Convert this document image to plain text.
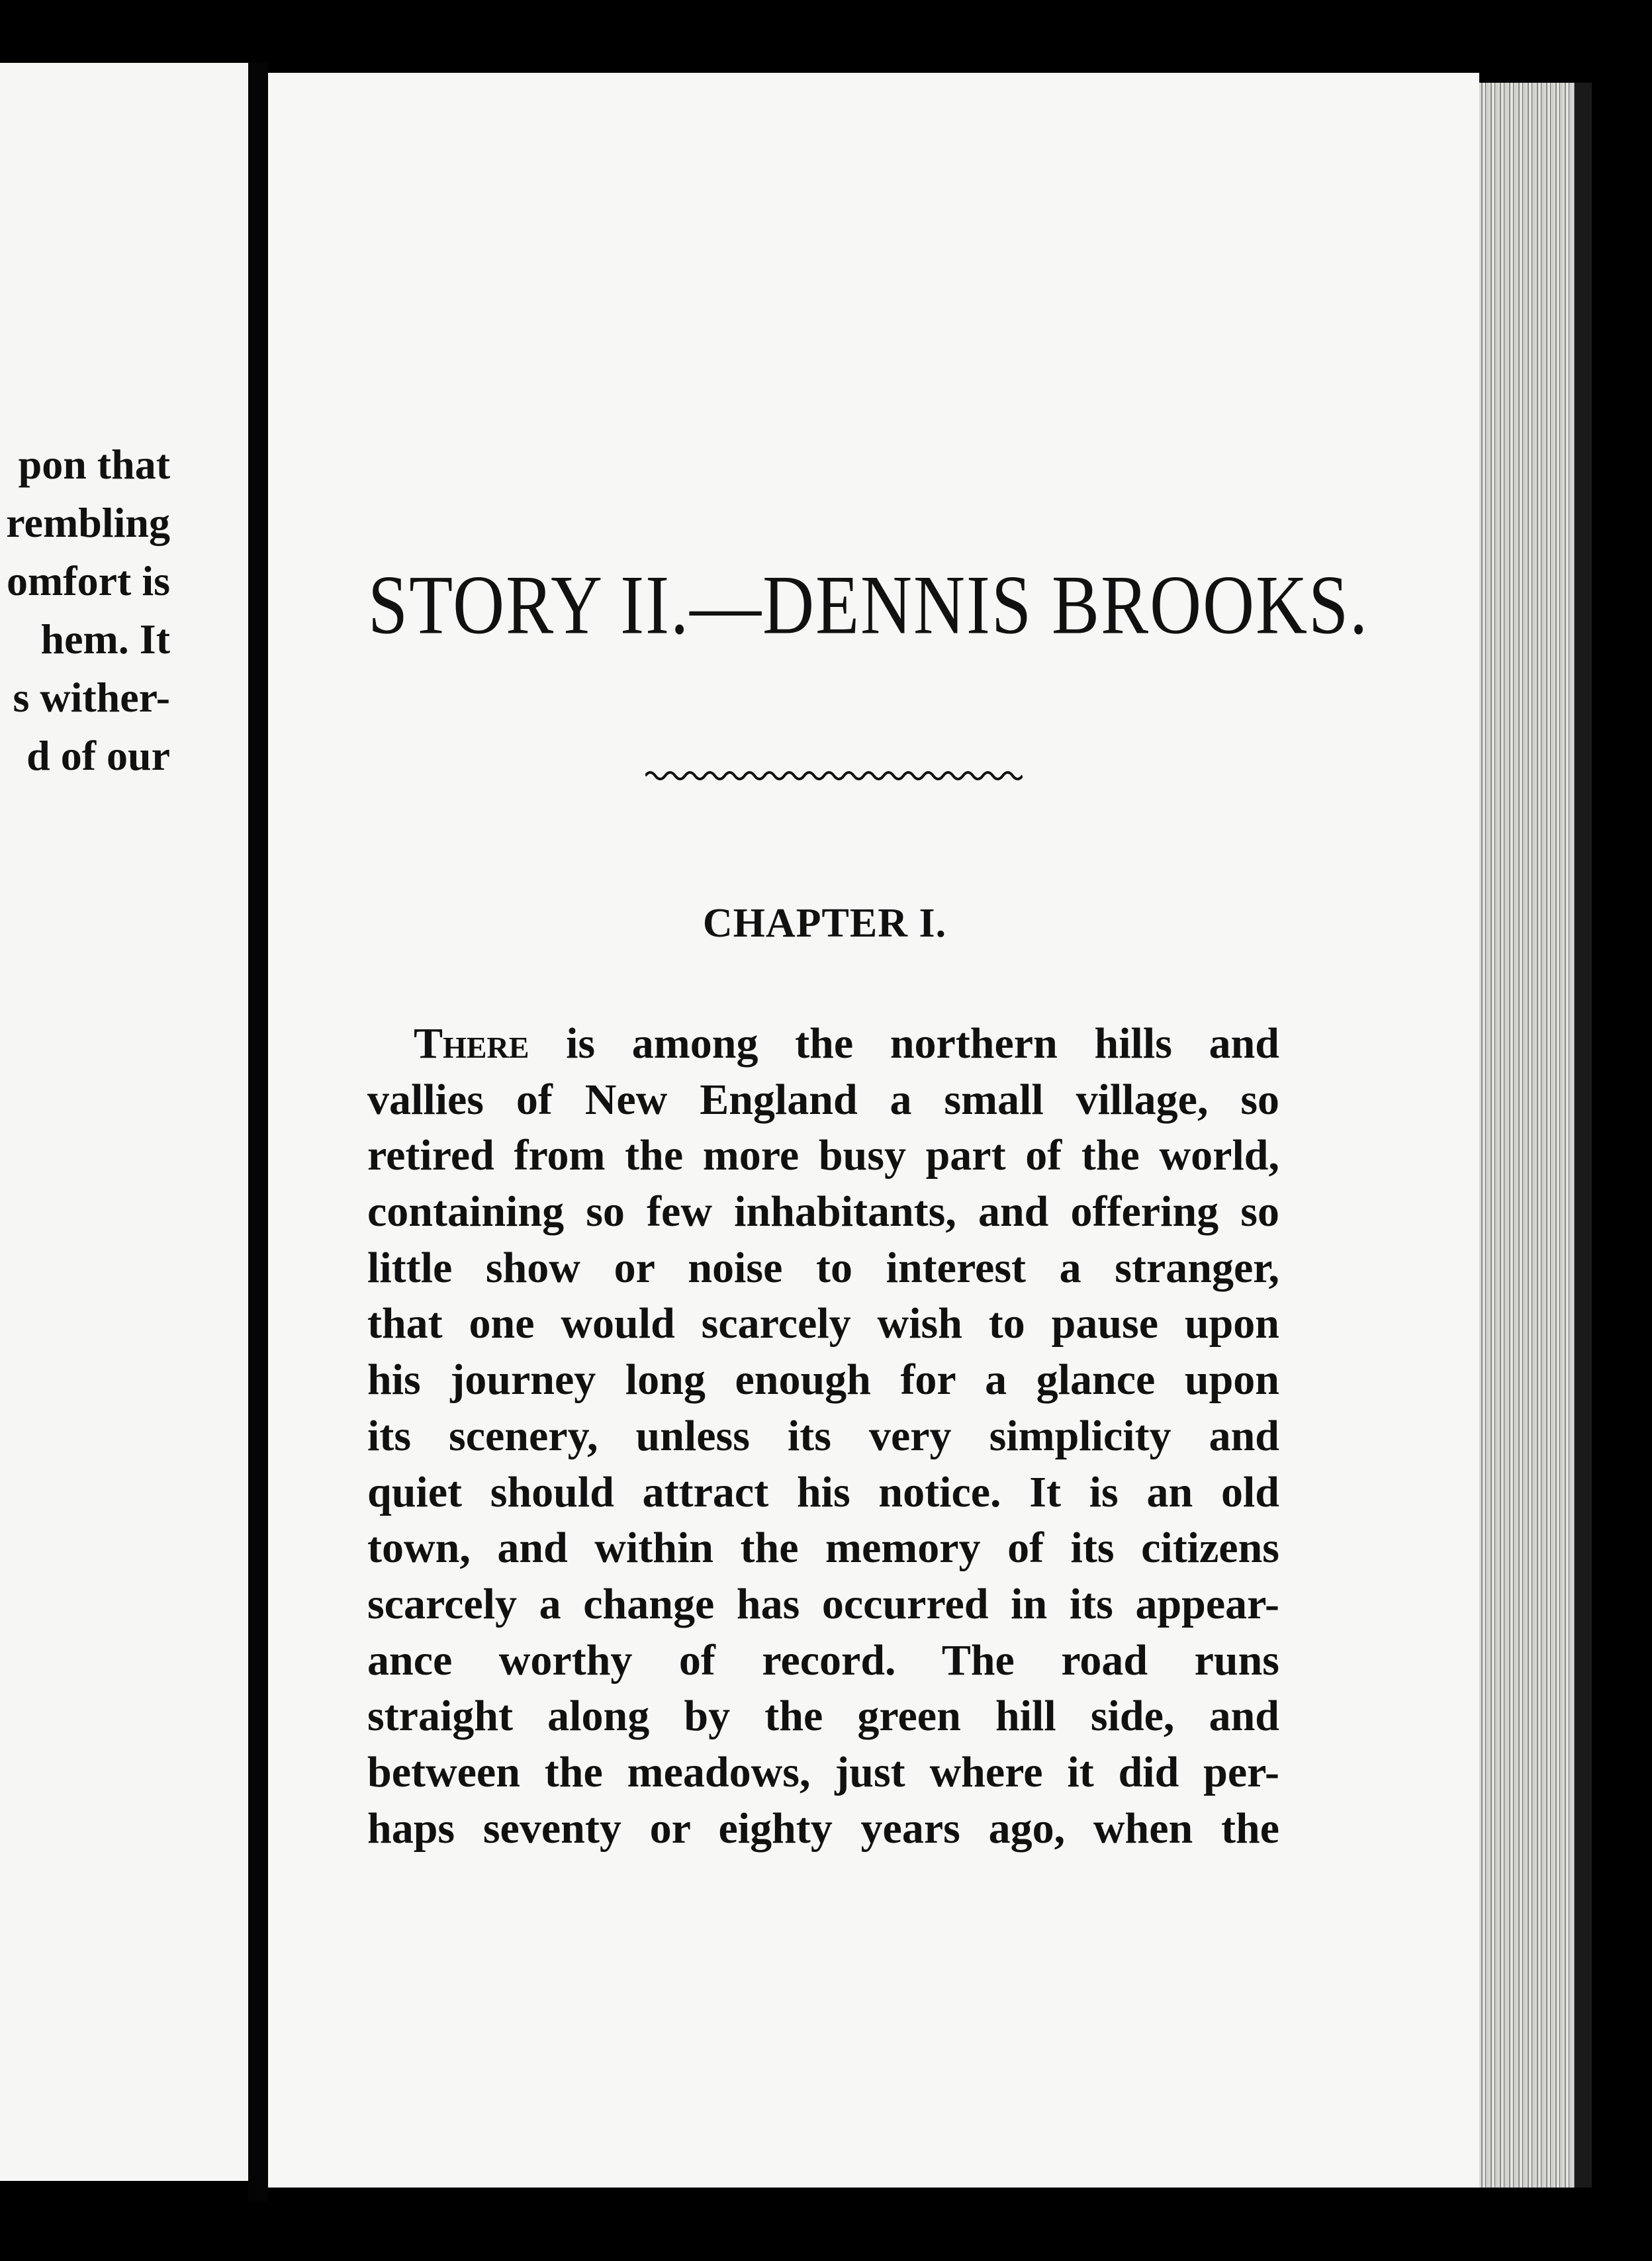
pon that
rembling
omfort is
hem. It
s wither-
d of our
STORY II.—DENNIS BROOKS.
CHAPTER I.
There is among the northern hills and
vallies of New England a small village, so
retired from the more busy part of the world,
containing so few inhabitants, and offering so
little show or noise to interest a stranger,
that one would scarcely wish to pause upon
his journey long enough for a glance upon
its scenery, unless its very simplicity and
quiet should attract his notice. It is an old
town, and within the memory of its citizens
scarcely a change has occurred in its appear-
ance worthy of record. The road runs
straight along by the green hill side, and
between the meadows, just where it did per-
haps seventy or eighty years ago, when the
